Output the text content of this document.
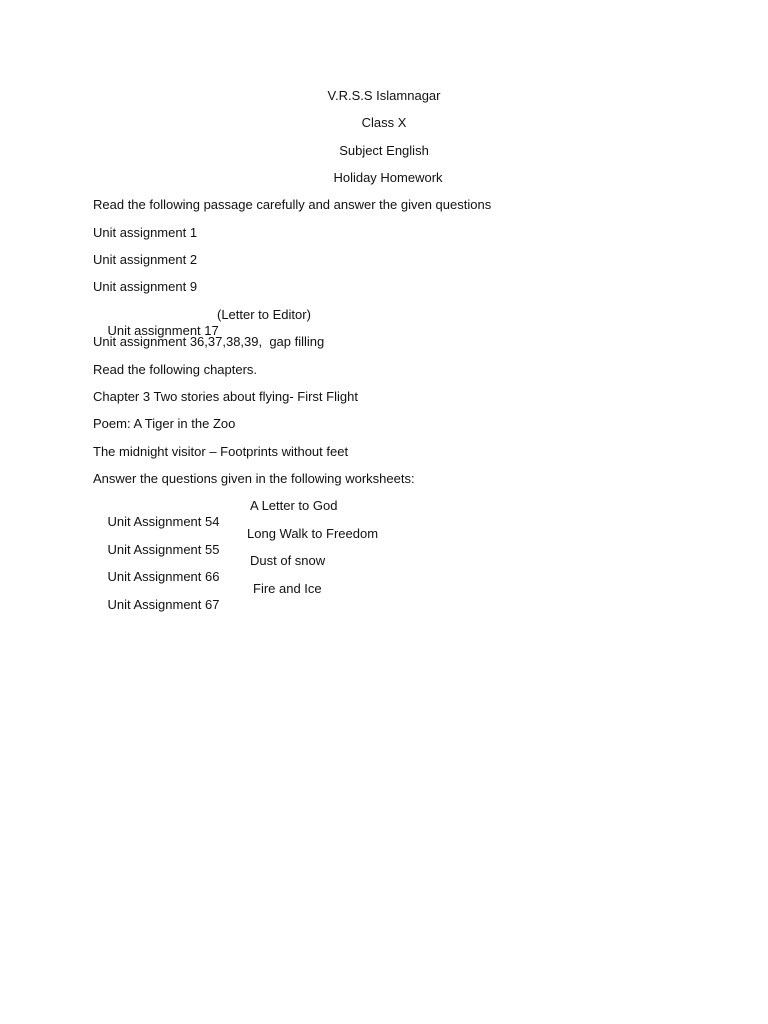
V.R.S.S Islamnagar
Class X
Subject English
Holiday Homework
Read the following passage carefully and answer the given questions
Unit assignment 1
Unit assignment 2
Unit assignment 9

Unit assignment 17

(Letter to Editor)

Unit assignment 36,37,38,39,  gap filling
Read the following chapters.
Chapter 3 Two stories about flying- First Flight
Poem: A Tiger in the Zoo
The midnight visitor – Footprints without feet
Answer the questions given in the following worksheets:

Unit Assignment 54

A Letter to God

Unit Assignment 55

Long Walk to Freedom

Unit Assignment 66

Dust of snow

Unit Assignment 67

Fire and Ice
